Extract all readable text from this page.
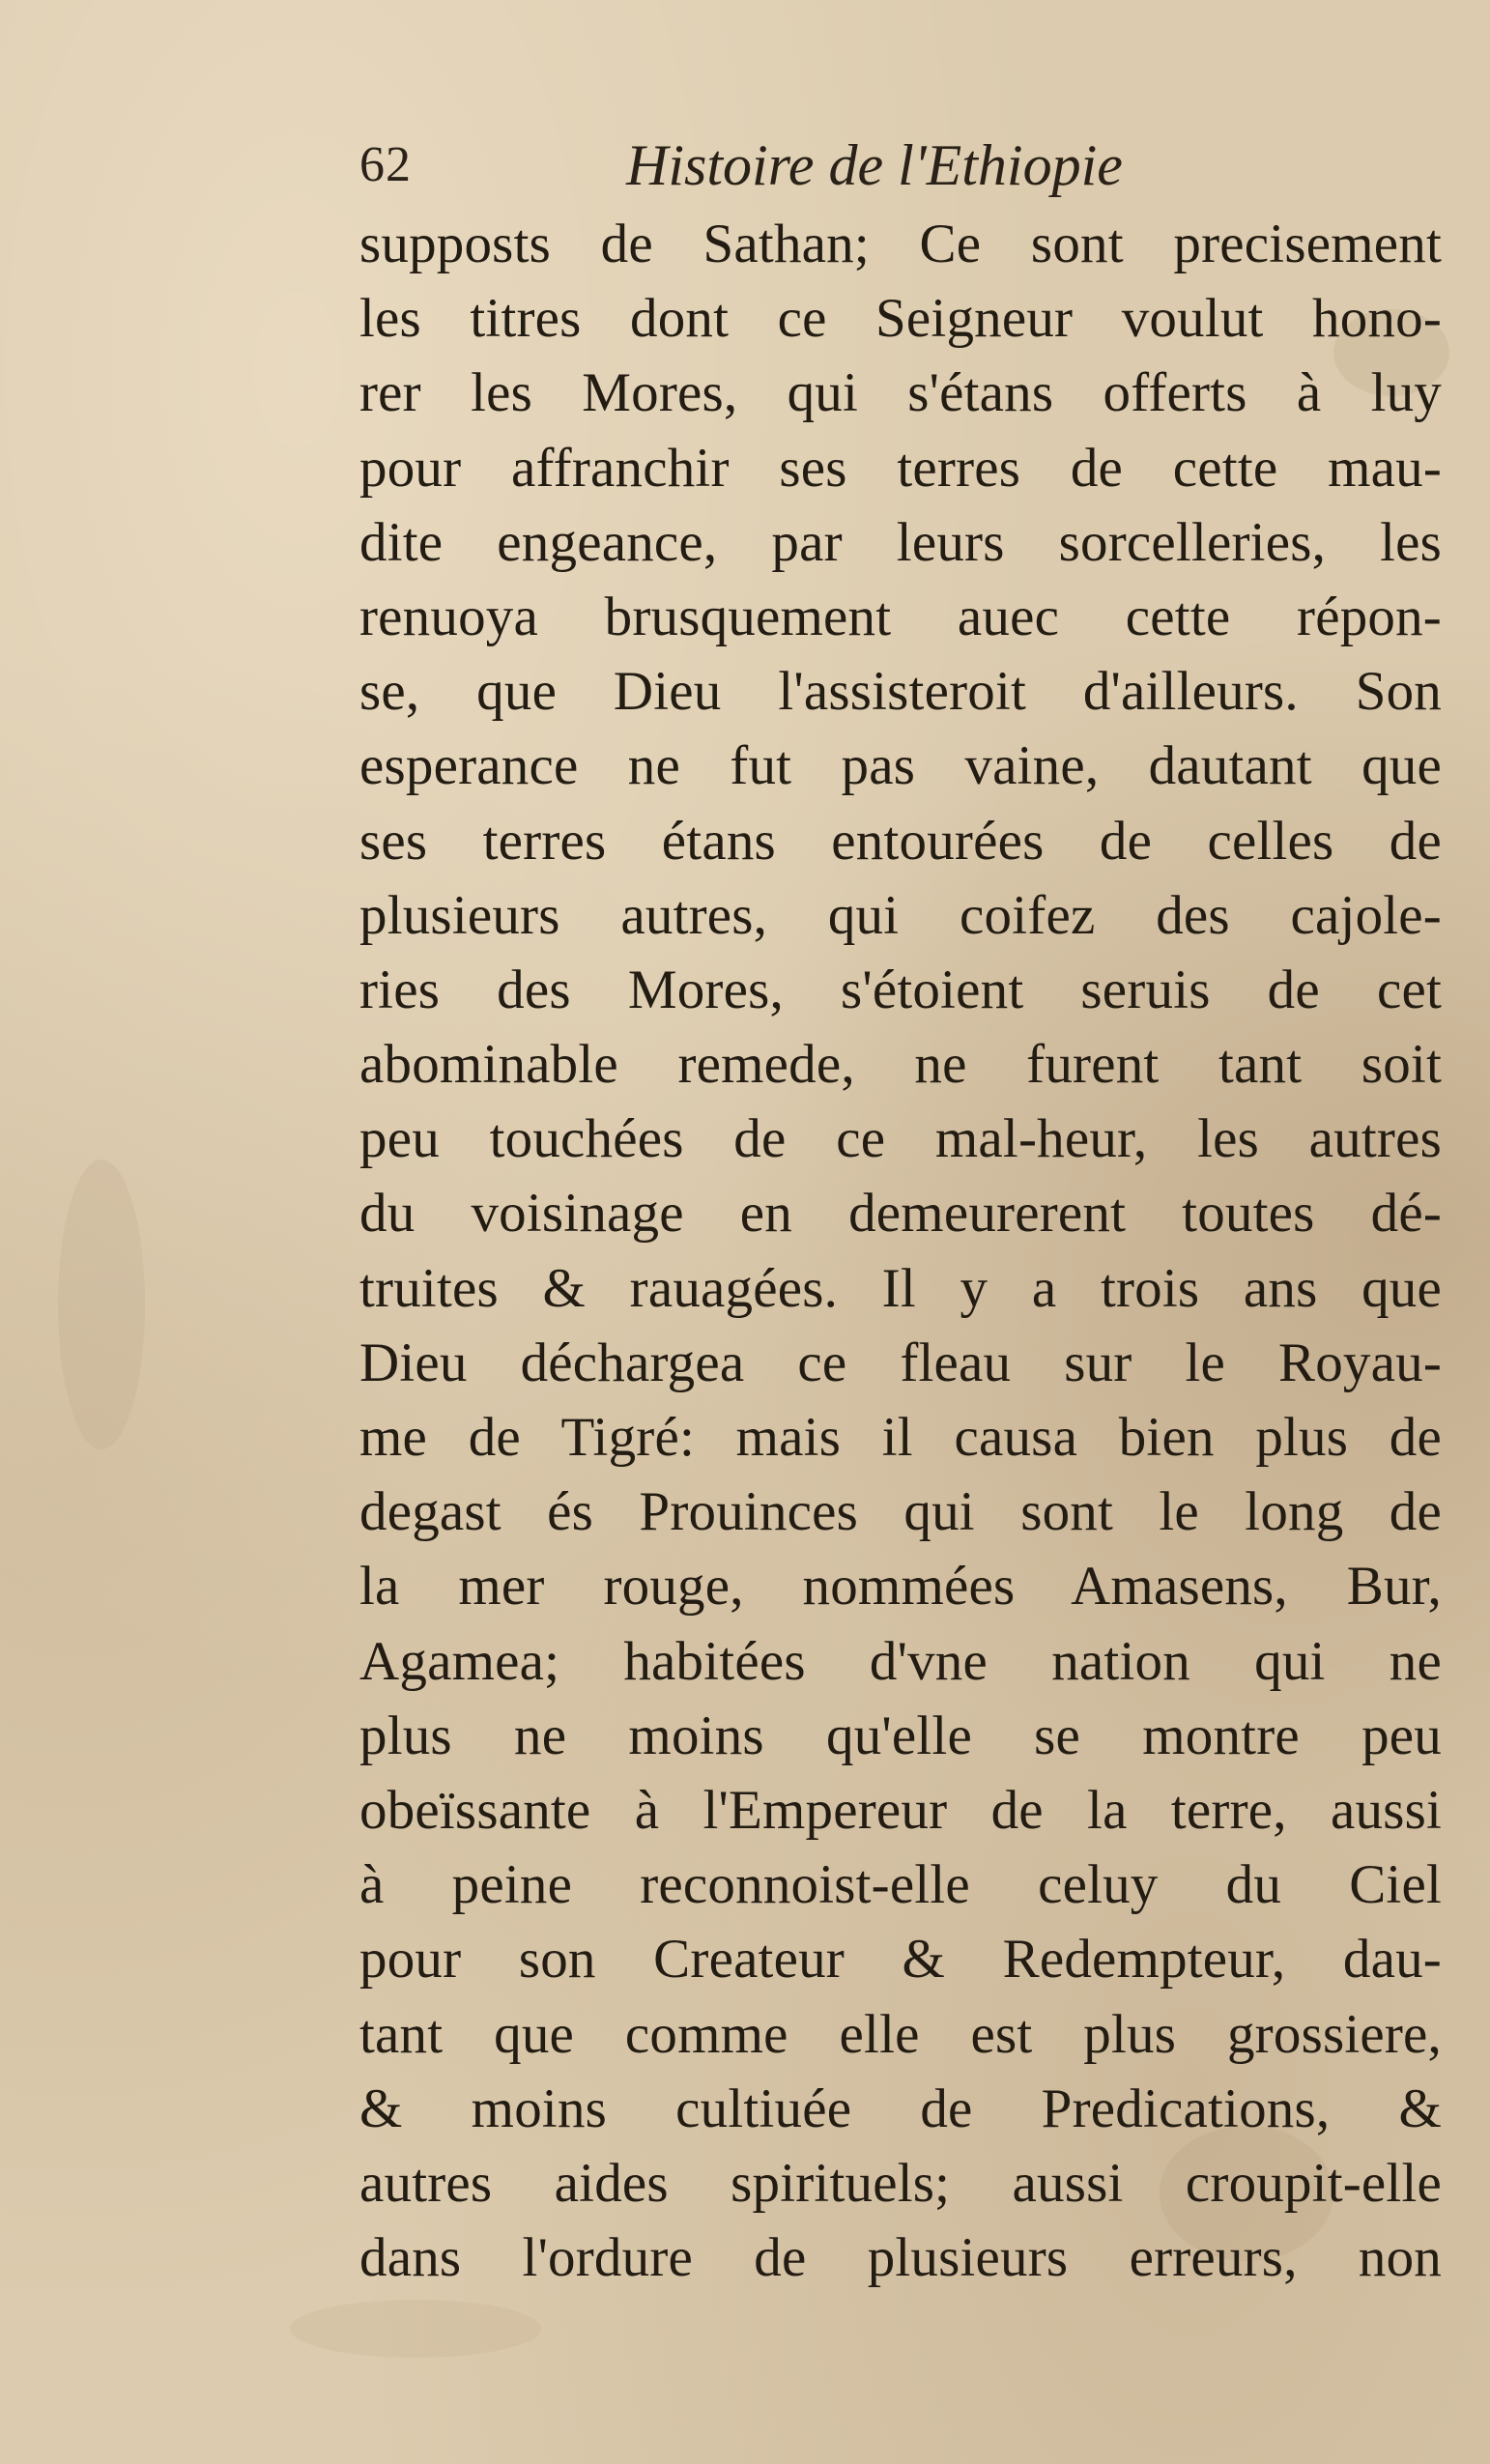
62	Histoire de l'Ethiopie
supposts de Sathan; Ce sont precisement
les titres dont ce Seigneur voulut hono-
rer les Mores, qui s'étans offerts à luy
pour affranchir ses terres de cette mau-
dite engeance, par leurs sorcelleries, les
renuoya brusquement auec cette répon-
se, que Dieu l'assisteroit d'ailleurs. Son
esperance ne fut pas vaine, dautant que
ses terres étans entourées de celles de
plusieurs autres, qui coifez des cajole-
ries des Mores, s'étoient seruis de cet
abominable remede, ne furent tant soit
peu touchées de ce mal-heur, les autres
du voisinage en demeurerent toutes dé-
truites & rauagées. Il y a trois ans que
Dieu déchargea ce fleau sur le Royau-
me de Tigré: mais il causa bien plus de
degast és Prouinces qui sont le long de
la mer rouge, nommées Amasens, Bur,
Agamea; habitées d'vne nation qui ne
plus ne moins qu'elle se montre peu
obeïssante à l'Empereur de la terre, aussi
à peine reconnoist-elle celuy du Ciel
pour son Createur & Redempteur, dau-
tant que comme elle est plus grossiere,
& moins cultiuée de Predications, &
autres aides spirituels; aussi croupit-elle
dans l'ordure de plusieurs erreurs, non
